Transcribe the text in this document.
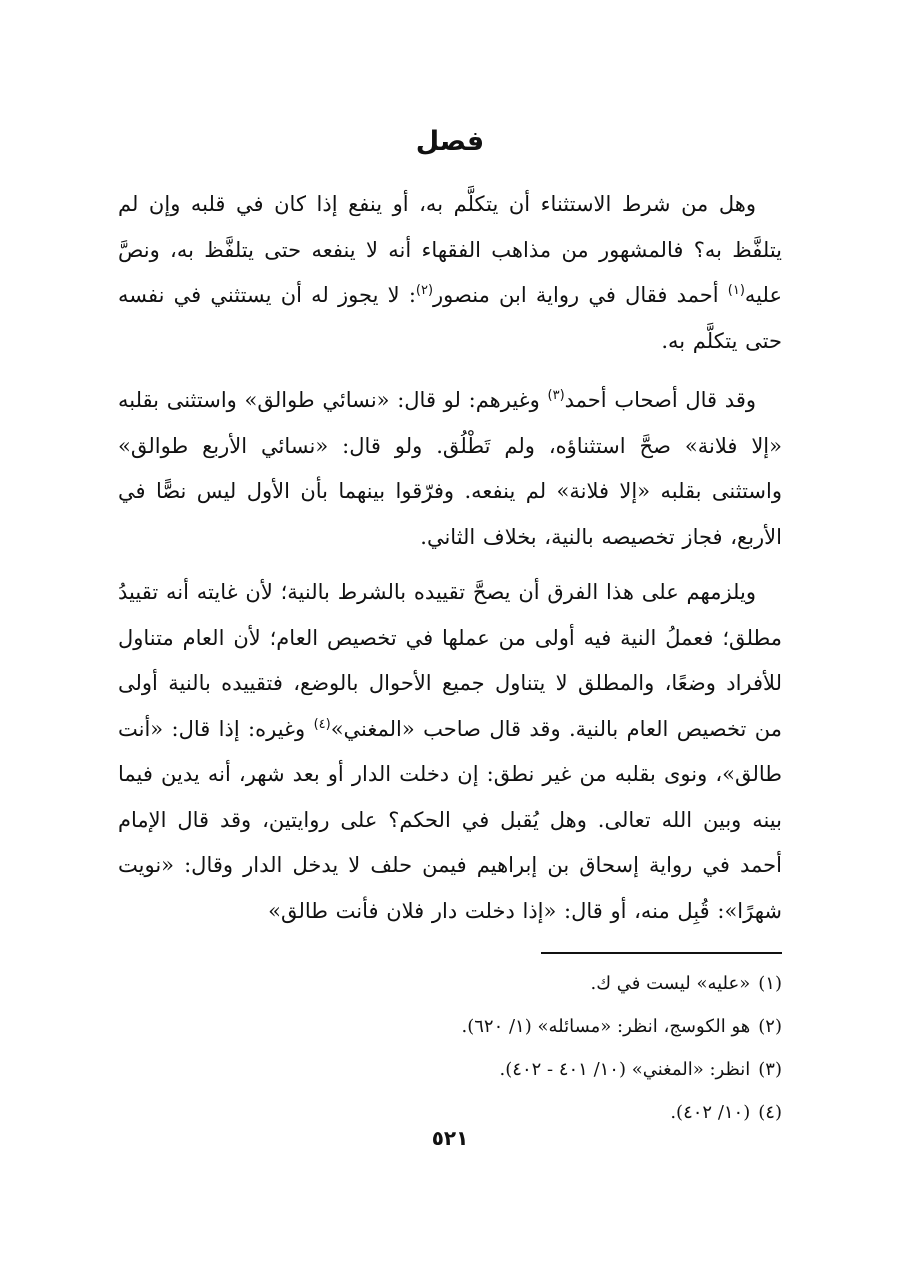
فصل

وهل من شرط الاستثناء أن يتكلَّم به، أو ينفع إذا كان في قلبه وإن لم يتلفَّظ به؟ فالمشهور من مذاهب الفقهاء أنه لا ينفعه حتى يتلفَّظ به، ونصَّ عليه$^{(١)}$ أحمد فقال في رواية ابن منصور$^{(٢)}$: لا يجوز له أن يستثني في نفسه حتى يتكلَّم به.

وقد قال أصحاب أحمد$^{(٣)}$ وغيرهم: لو قال: «نسائي طوالق» واستثنى بقلبه «إلا فلانة» صحَّ استثناؤه، ولم تَطْلُق. ولو قال: «نسائي الأربع طوالق» واستثنى بقلبه «إلا فلانة» لم ينفعه. وفرّقوا بينهما بأن الأول ليس نصًّا في الأربع، فجاز تخصيصه بالنية، بخلاف الثاني.

ويلزمهم على هذا الفرق أن يصحَّ تقييده بالشرط بالنية؛ لأن غايته أنه تقييدُ مطلق؛ فعملُ النية فيه أولى من عملها في تخصيص العام؛ لأن العام متناول للأفراد وضعًا، والمطلق لا يتناول جميع الأحوال بالوضع، فتقييده بالنية أولى من تخصيص العام بالنية. وقد قال صاحب «المغني»$^{(٤)}$ وغيره: إذا قال: «أنت طالق»، ونوى بقلبه من غير نطق: إن دخلت الدار أو بعد شهر، أنه يدين فيما بينه وبين الله تعالى. وهل يُقبل في الحكم؟ على روايتين، وقد قال الإمام أحمد في رواية إسحاق بن إبراهيم فيمن حلف لا يدخل الدار وقال: «نويت شهرًا»: قُبِل منه، أو قال: «إذا دخلت دار فلان فأنت طالق»

(١)«عليه» ليست في ك.
(٢)هو الكوسج، انظر: «مسائله» (١/ ٦٢٠).
(٣)انظر: «المغني» (١٠/ ٤٠١ - ٤٠٢).
(٤)(١٠/ ٤٠٢).
٥٢١
